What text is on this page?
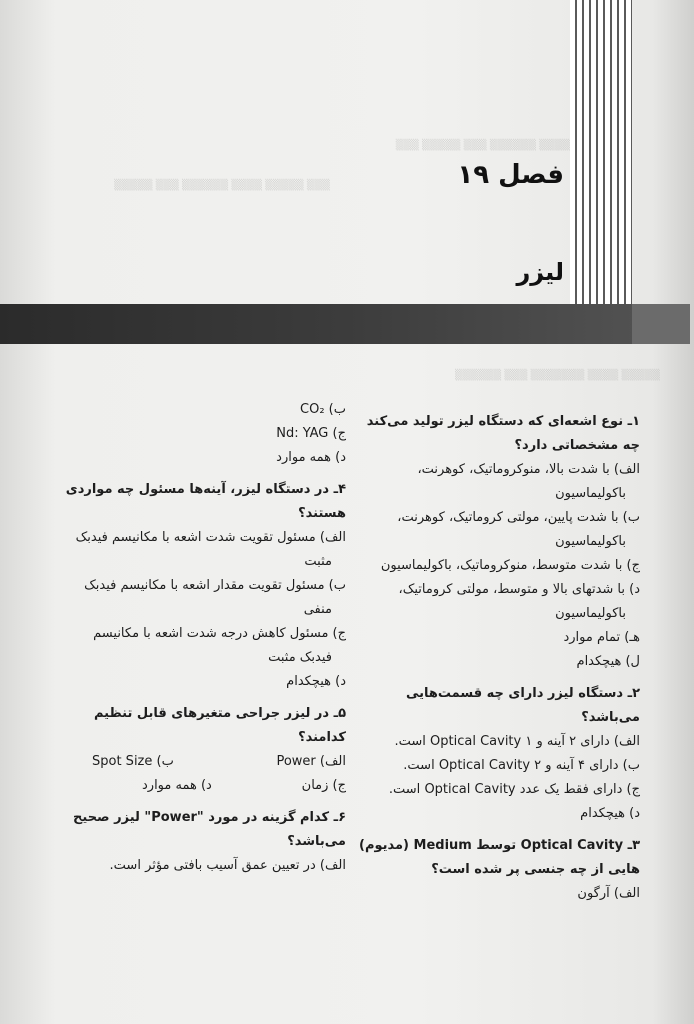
▒▒▒ ▒▒▒▒▒ ▒▒▒▒ ▒▒▒▒▒▒ ▒▒▒ ▒▒▒▒▒
▒▒▒▒ ▒▒▒▒▒▒ ▒▒▒ ▒▒▒▒▒ ▒▒▒
▒▒▒▒▒ ▒▒▒▒ ▒▒▒▒▒▒▒ ▒▒▒ ▒▒▒▒▒▒
فصل ۱۹
لیزر
۱ـ نوع اشعه‌ای که دستگاه لیزر تولید می‌کند چه مشخصاتی دارد؟
الف) با شدت بالا، منوکروماتیک، کوهرنت،
باکولیماسیون
ب) با شدت پایین، مولتی کروماتیک، کوهرنت،
باکولیماسیون
ج) با شدت متوسط، منوکروماتیک، باکولیماسیون
د) با شدتهای بالا و متوسط، مولتی کروماتیک،
باکولیماسیون
هـ) تمام موارد
ل) هیچکدام
۲ـ دستگاه لیزر دارای چه قسمت‌هایی می‌باشد؟
الف) دارای ۲ آینه و ۱ Optical Cavity است.
ب) دارای ۴ آینه و ۲ Optical Cavity است.
ج) دارای فقط یک عدد Optical Cavity است.
د) هیچکدام
۳ـ Optical Cavity توسط Medium (مدیوم) هایی از چه جنسی پر شده است؟
الف) آرگون
ب) CO₂
ج) Nd: YAG
د) همه موارد
۴ـ در دستگاه لیزر، آینه‌ها مسئول چه مواردی هستند؟
الف) مسئول تقویت شدت اشعه با مکانیسم فیدبک
مثبت
ب) مسئول تقویت مقدار اشعه با مکانیسم فیدبک
منفی
ج) مسئول کاهش درجه شدت اشعه با مکانیسم
فیدبک مثبت
د) هیچکدام
۵ـ در لیزر جراحی متغیرهای قابل تنظیم کدامند؟
الف) Power
ب) Spot Size
ج) زمان
د) همه موارد
۶ـ کدام گزینه در مورد "Power" لیزر صحیح می‌باشد؟
الف) در تعیین عمق آسیب بافتی مؤثر است.
